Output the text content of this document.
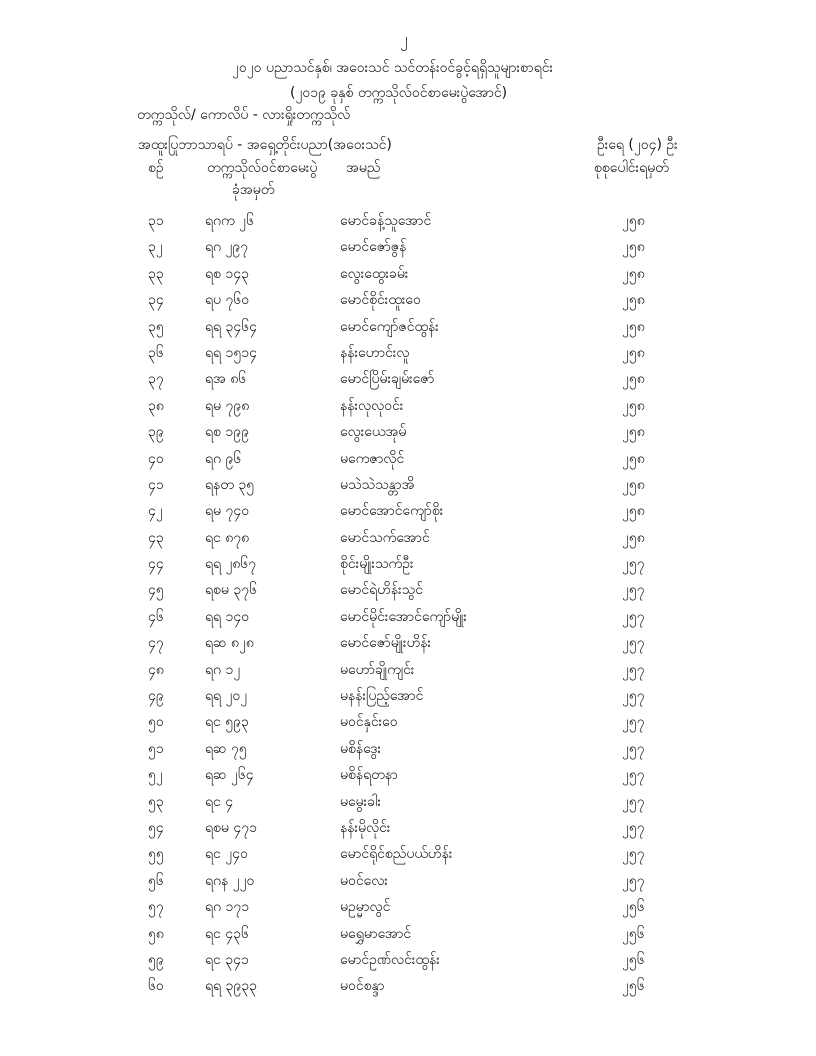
၂
၂၀၂၀ ပညာသင်နှစ်၊ အဝေးသင် သင်တန်းဝင်ခွင့်ရရှိသူများစာရင်း
(၂၀၁၉ ခုနှစ် တက္ကသိုလ်ဝင်စာမေးပွဲအောင်)
တက္ကသိုလ်/ ကောလိပ် - လားရှိုးတက္ကသိုလ်
အထူးပြုဘာသာရပ် - အရှေ့တိုင်းပညာ(အဝေးသင်)	ဦးရေ (၂၀၄) ဦး
စဉ်	တက္ကသိုလ်ဝင်စာမေးပွဲ
ခုံအမှတ်
အမည်	စုစုပေါင်းရမှတ်
၃၁	ရဂက ၂၆	မောင်ခန့်သူအောင်	၂၅၈
၃၂	ရဂ ၂၉၇	မောင်ဇော်ဇွန်	၂၅၈
၃၃	ရစ ၁၄၃	လွေးထွေးခမ်း	၂၅၈
၃၄	ရပ ၇၆၀	မောင်စိုင်းထူးဝေ	၂၅၈
၃၅	ရရ ၃၄၆၄	မောင်ကျော်ဇင်ထွန်း	၂၅၈
၃၆	ရရ ၁၅၁၄	နန်းဟောင်းလူ	၂၅၈
၃၇	ရအ ၈၆	မောင်ပြိမ်းချမ်းဇော်	၂၅၈
၃၈	ရမ ၇၉၈	နန်းလုလုဝင်း	၂၅၈
၃၉	ရစ ၁၉၉	လွေးယေအုမ်	၂၅၈
၄၀	ရဂ ၉၆	မကေဇာလိုင်	၂၅၈
၄၁	ရနတ ၃၅	မသဲသဲသန္တာအိ	၂၅၈
၄၂	ရမ ၇၄၀	မောင်အောင်ကျော်စိုး	၂၅၈
၄၃	ရင ၈၇၈	မောင်သက်အောင်	၂၅၈
၄၄	ရရ ၂၈၆၇	စိုင်းမျိုးသက်ဦး	၂၅၇
၄၅	ရစမ ၃၇၆	မောင်ရဲဟိန်းသွင်	၂၅၇
၄၆	ရရ ၁၄၀	မောင်မိုင်းအောင်ကျော်မျိုး	၂၅၇
၄၇	ရဆ ၈၂၈	မောင်ဇော်မျိုးဟိန်း	၂၅၇
၄၈	ရဂ ၁၂	မဟော်ချိုကျင်း	၂၅၇
၄၉	ရရ ၂၀၂	မနန်းပြည့်အောင်	၂၅၇
၅၀	ရင ၅၉၃	မဝင်နှင်းဝေ	၂၅၇
၅၁	ရဆ ၇၅	မစိန်ဒွေး	၂၅၇
၅၂	ရဆ ၂၆၄	မစိန်ရတနာ	၂၅၇
၅၃	ရင ၄	မမွေးခါး	၂၅၇
၅၄	ရစမ ၄၇၁	နန်းမိုလိုင်း	၂၅၇
၅၅	ရင ၂၄၀	မောင်ရိုင်စည်ပယ်ဟိန်း	၂၅၇
၅၆	ရဂန ၂၂၀	မဝင်လေး	၂၅၇
၅၇	ရဂ ၁၇၁	မဥမ္မာလွင်	၂၅၆
၅၈	ရင ၄၃၆	မရွှေမာအောင်	၂၅၆
၅၉	ရင ၃၄၁	မောင်ဥဏ်လင်းထွန်း	၂၅၆
၆၀	ရရ ၃၉၃၃	မဝင်စန္ဒာ	၂၅၆
